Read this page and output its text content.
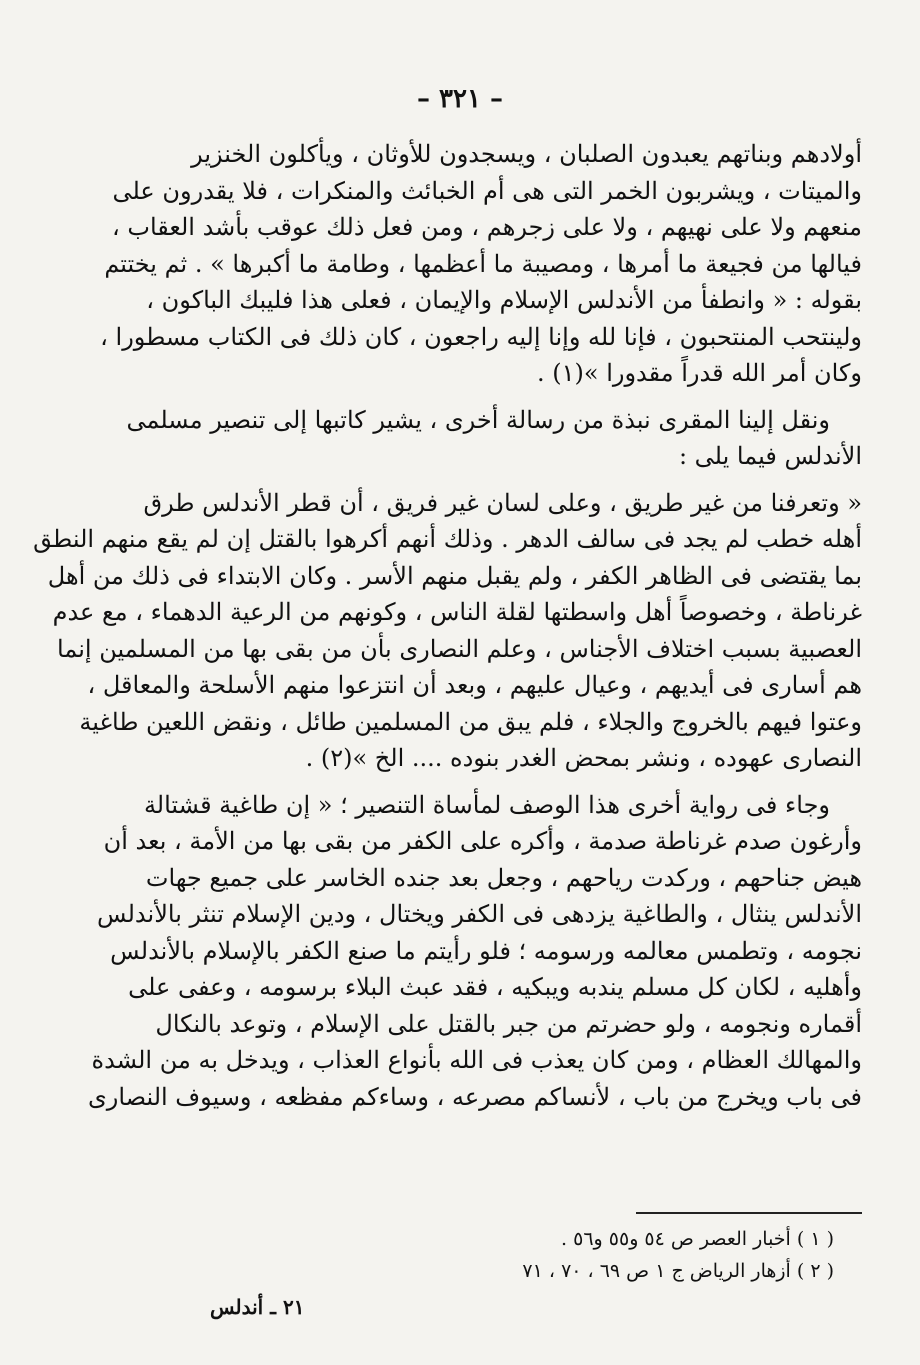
– ٣٢١ –
أولادهم وبناتهم يعبدون الصلبان ، ويسجدون للأوثان ، ويأكلون الخنزير
والميتات ، ويشربون الخمر التى هى أم الخبائث والمنكرات ، فلا يقدرون على
منعهم ولا على نهيهم ، ولا على زجرهم ، ومن فعل ذلك عوقب بأشد العقاب ،
فيالها من فجيعة ما أمرها ، ومصيبة ما أعظمها ، وطامة ما أكبرها » . ثم يختتم
بقوله : « وانطفأ من الأندلس الإسلام والإيمان ، فعلى هذا فليبك الباكون ،
ولينتحب المنتحبون ، فإنا لله وإنا إليه راجعون ، كان ذلك فى الكتاب مسطورا ،
وكان أمر الله قدراً مقدورا »(١) .
ونقل إلينا المقرى نبذة من رسالة أخرى ، يشير كاتبها إلى تنصير مسلمى
الأندلس فيما يلى :
« وتعرفنا من غير طريق ، وعلى لسان غير فريق ، أن قطر الأندلس طرق
أهله خطب لم يجد فى سالف الدهر . وذلك أنهم أكرهوا بالقتل إن لم يقع منهم النطق
بما يقتضى فى الظاهر الكفر ، ولم يقبل منهم الأسر . وكان الابتداء فى ذلك من أهل
غرناطة ، وخصوصاً أهل واسطتها لقلة الناس ، وكونهم من الرعية الدهماء ، مع عدم
العصبية بسبب اختلاف الأجناس ، وعلم النصارى بأن من بقى بها من المسلمين إنما
هم أسارى فى أيديهم ، وعيال عليهم ، وبعد أن انتزعوا منهم الأسلحة والمعاقل ،
وعتوا فيهم بالخروج والجلاء ، فلم يبق من المسلمين طائل ، ونقض اللعين طاغية
النصارى عهوده ، ونشر بمحض الغدر بنوده .... الخ »(٢) .
وجاء فى رواية أخرى هذا الوصف لمأساة التنصير ؛ « إن طاغية قشتالة
وأرغون صدم غرناطة صدمة ، وأكره على الكفر من بقى بها من الأمة ، بعد أن
هيض جناحهم ، وركدت رياحهم ، وجعل بعد جنده الخاسر على جميع جهات
الأندلس ينثال ، والطاغية يزدهى فى الكفر ويختال ، ودين الإسلام تنثر بالأندلس
نجومه ، وتطمس معالمه ورسومه ؛ فلو رأيتم ما صنع الكفر بالإسلام بالأندلس
وأهليه ، لكان كل مسلم يندبه ويبكيه ، فقد عبث البلاء برسومه ، وعفى على
أقماره ونجومه ، ولو حضرتم من جبر بالقتل على الإسلام ، وتوعد بالنكال
والمهالك العظام ، ومن كان يعذب فى الله بأنواع العذاب ، ويدخل به من الشدة
فى باب ويخرج من باب ، لأنساكم مصرعه ، وساءكم مفظعه ، وسيوف النصارى
( ١ ) أخبار العصر ص ٥٤ و٥٥ و٥٦ .
( ٢ ) أزهار الرياض ج ١ ص ٦٩ ، ٧٠ ، ٧١
٢١ ـ أندلس
